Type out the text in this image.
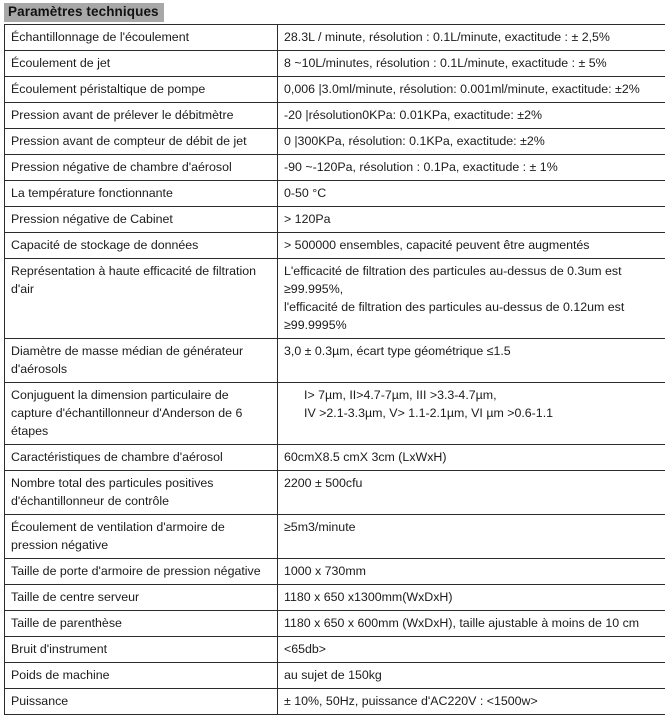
Paramètres techniques
Échantillonnage de l'écoulement	28.3L / minute, résolution : 0.1L/minute, exactitude : ± 2,5%
Écoulement de jet	8 ~10L/minutes, résolution : 0.1L/minute, exactitude : ± 5%
Écoulement péristaltique de pompe	0,006 |3.0ml/minute, résolution: 0.001ml/minute, exactitude: ±2%
Pression avant de prélever le débitmètre	-20 |résolution0KPa: 0.01KPa, exactitude: ±2%
Pression avant de compteur de débit de jet	0 |300KPa, résolution: 0.1KPa, exactitude: ±2%
Pression négative de chambre d'aérosol	-90 ~-120Pa, résolution : 0.1Pa, exactitude : ± 1%
La température fonctionnante	0-50 °C
Pression négative de Cabinet	> 120Pa
Capacité de stockage de données	> 500000 ensembles, capacité peuvent être augmentés
Représentation à haute efficacité de filtration d'air	L'efficacité de filtration des particules au-dessus de 0.3um est ≥99.995%,
l'efficacité de filtration des particules au-dessus de 0.12um est ≥99.9995%

Diamètre de masse médian de générateur d'aérosols	3,0 ± 0.3µm, écart type géométrique ≤1.5
Conjuguent la dimension particulaire de capture d'échantillonneur d'Anderson de 6 étapes	I> 7µm, II>4.7-7µm, III >3.3-4.7µm,
IV >2.1-3.3µm, V> 1.1-2.1µm, VI µm >0.6-1.1

Caractéristiques de chambre d'aérosol	60cmX8.5 cmX 3cm (LxWxH)
Nombre total des particules positives d'échantillonneur de contrôle	2200 ± 500cfu
Écoulement de ventilation d'armoire de pression négative	≥5m3/minute
Taille de porte d'armoire de pression négative	1000 x 730mm
Taille de centre serveur	1180 x 650 x1300mm(WxDxH)
Taille de parenthèse	1180 x 650 x 600mm (WxDxH), taille ajustable à moins de 10 cm
Bruit d'instrument	<65db>
Poids de machine	au sujet de 150kg
Puissance	± 10%, 50Hz, puissance d'AC220V : <1500w>
